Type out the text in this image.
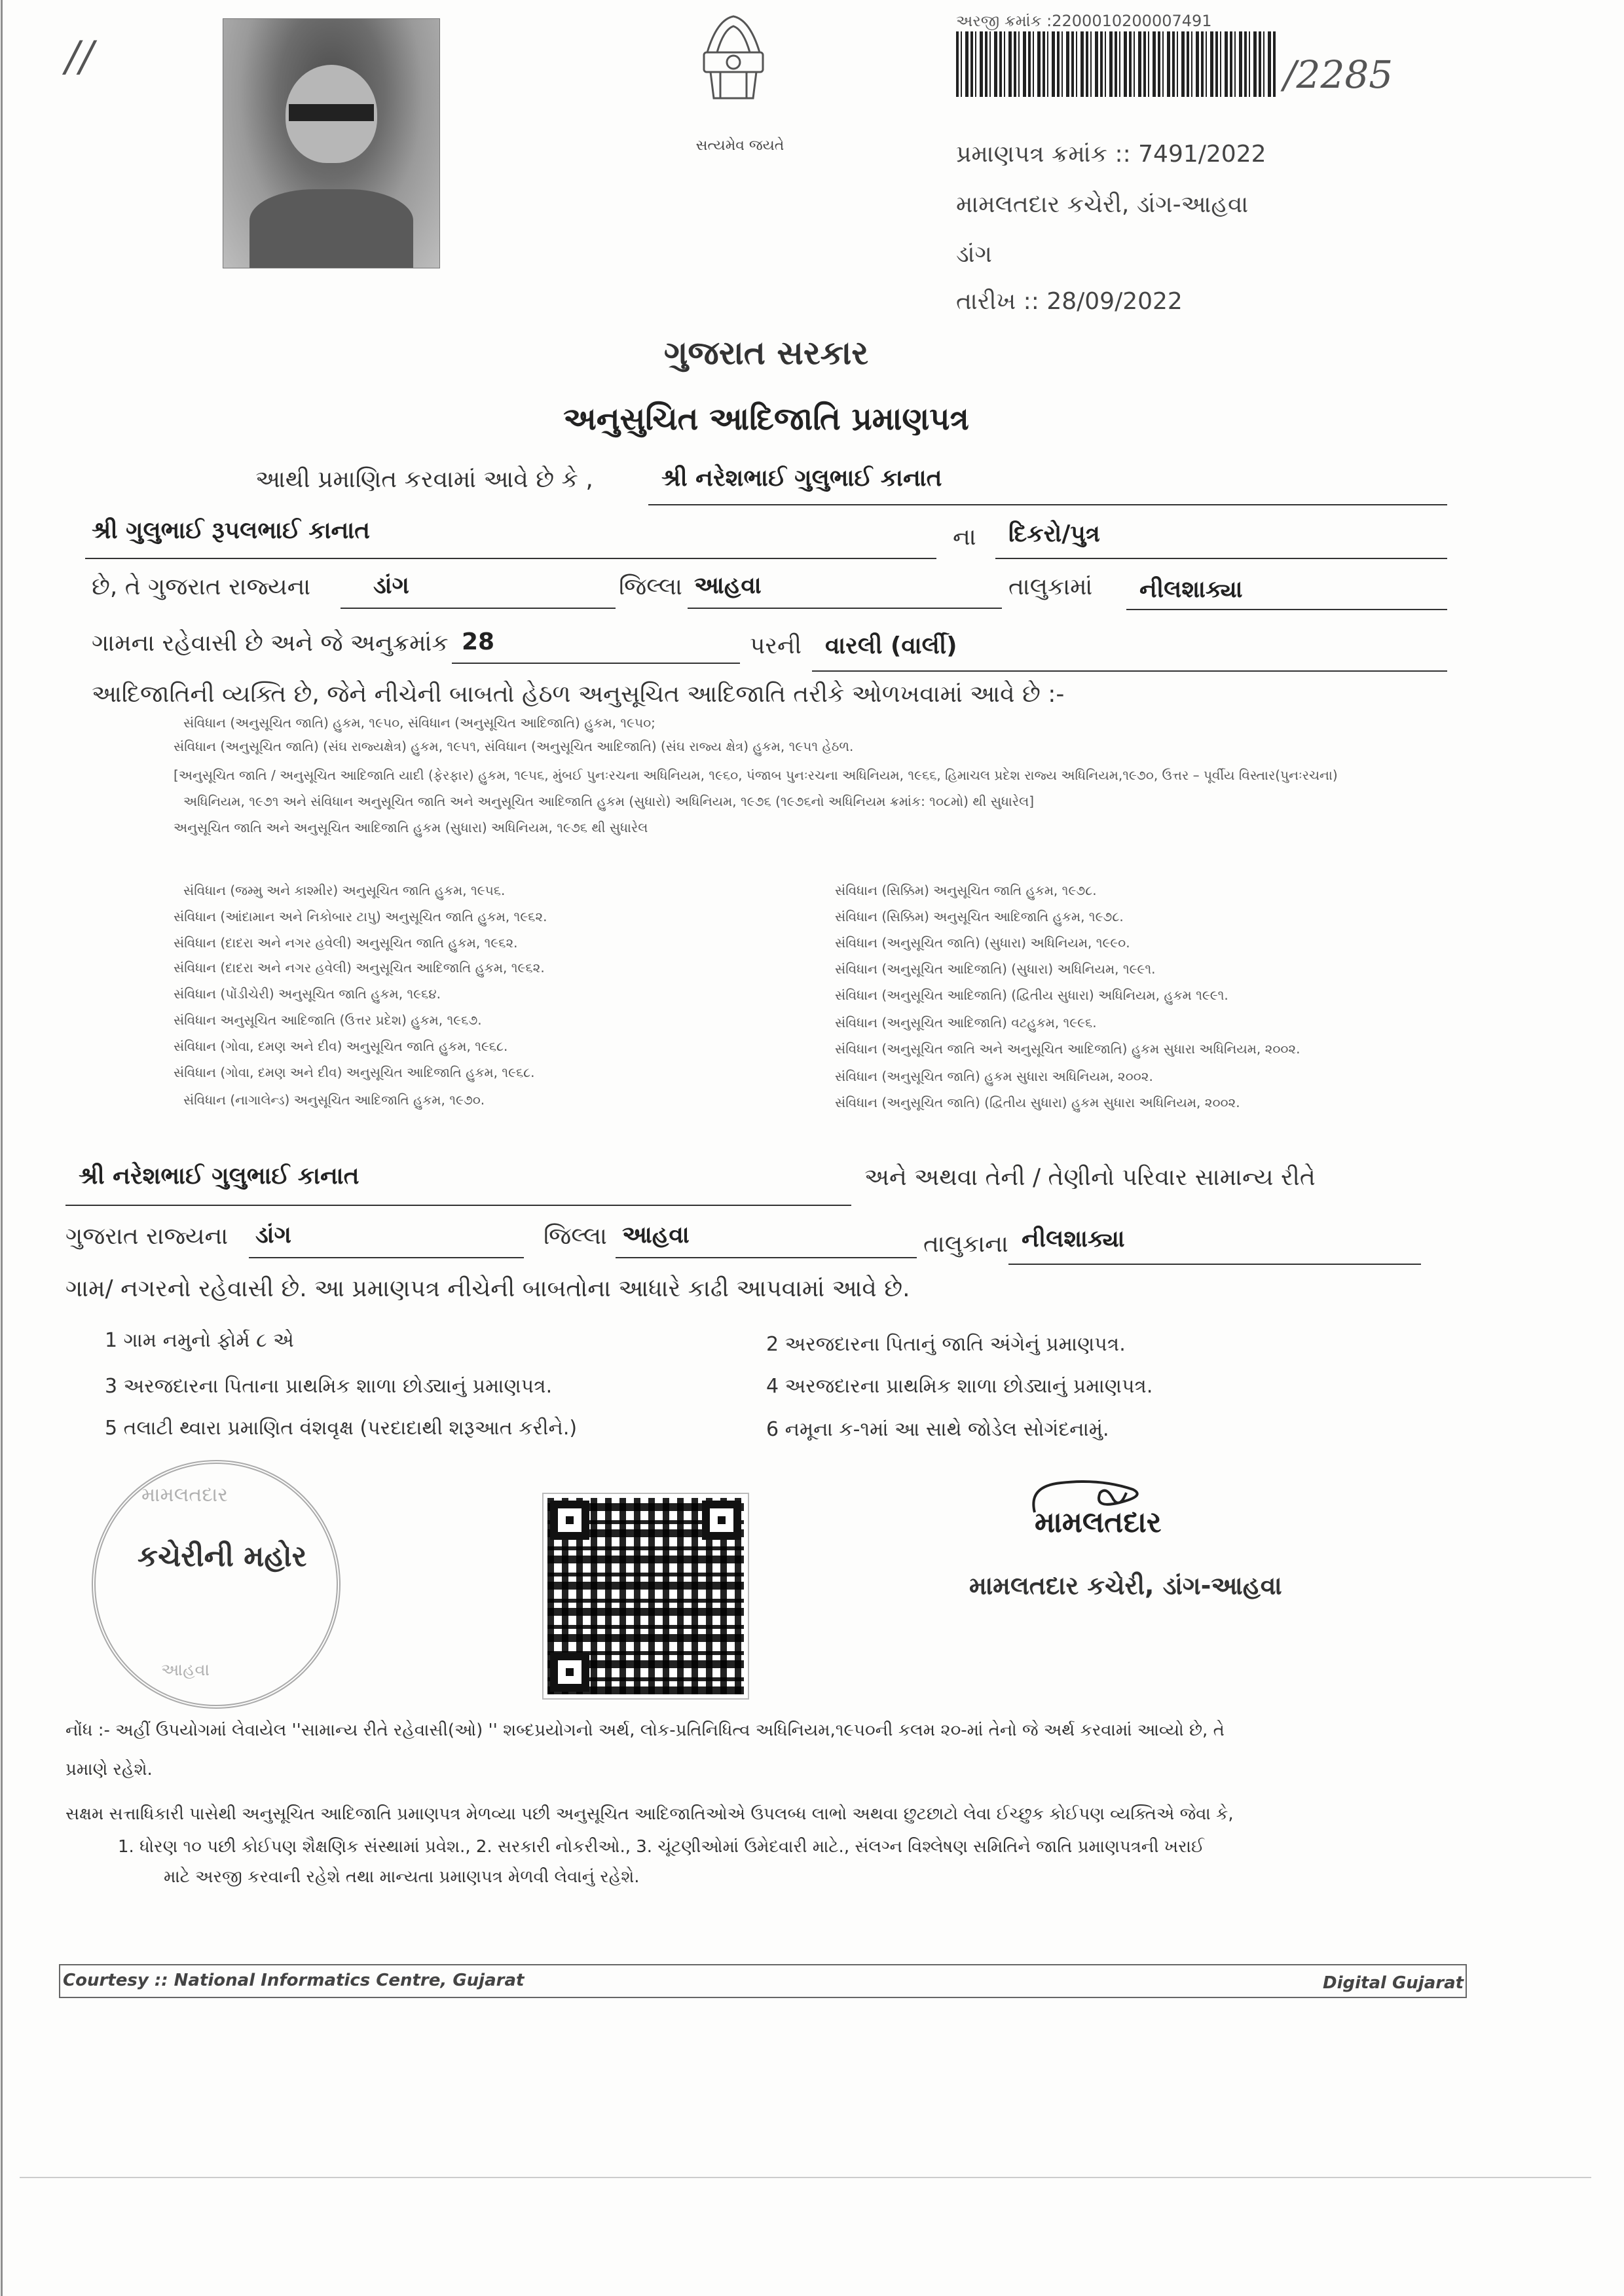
//
સત્યમેવ જયતે
અરજી ક્રમાંક :2200010200007491
/2285
પ્રમાણપત્ર ક્રમાંક :: 7491/2022
મામલતદાર કચેરી, ડાંગ-આહવા
ડાંગ
તારીખ :: 28/09/2022
ગુજરાત સરકાર
અનુસુચિત આદિજાતિ પ્રમાણપત્ર
આથી પ્રમાણિત કરવામાં આવે છે કે ,	શ્રી નરેશભાઈ ગુલુભાઈ કાનાત
શ્રી ગુલુભાઈ રૂપલભાઈ કાનાત	ના દિકરો/પુત્ર
છે, તે ગુજરાત રાજ્યના	ડાંગ	જિલ્લા આહવા	તાલુકામાં નીલશાક્યા
ગામના રહેવાસી છે અને જે અનુક્રમાંક 28	પરની વારલી (વાર્લી)
આદિજાતિની વ્યક્તિ છે, જેને નીચેની બાબતો હેઠળ અનુસૂચિત આદિજાતિ તરીકે ઓળખવામાં આવે છે :-
સંવિધાન (અનુસૂચિત જાતિ) હુકમ, ૧૯૫૦, સંવિધાન (અનુસૂચિત આદિજાતિ) હુકમ, ૧૯૫૦;
સંવિધાન (અનુસૂચિત જાતિ) (સંઘ રાજ્યક્ષેત્ર) હુકમ, ૧૯૫૧, સંવિધાન (અનુસૂચિત આદિજાતિ) (સંઘ રાજ્ય ક્ષેત્ર) હુકમ, ૧૯૫૧ હેઠળ.
[અનુસૂચિત જાતિ / અનુસૂચિત આદિજાતિ યાદી (ફેરફાર) હુકમ, ૧૯૫૬, મુંબઈ પુનઃરચના અધિનિયમ, ૧૯૬૦, પંજાબ પુનઃરચના અધિનિયમ, ૧૯૬૬, હિમાચલ પ્રદેશ રાજ્ય અધિનિયમ,૧૯૭૦, ઉત્તર – પૂર્વીય વિસ્તાર(પુનઃરચના)
અધિનિયમ, ૧૯૭૧ અને સંવિધાન અનુસૂચિત જાતિ અને અનુસૂચિત આદિજાતિ હુકમ (સુધારો) અધિનિયમ, ૧૯૭૬ (૧૯૭૬નો અધિનિયમ ક્રમાંક: ૧૦૮મો) થી સુધારેલ]
અનુસૂચિત જાતિ અને અનુસૂચિત આદિજાતિ હુકમ (સુધારા) અધિનિયમ, ૧૯૭૬ થી સુધારેલ
સંવિધાન (જમ્મુ અને કાશ્મીર) અનુસૂચિત જાતિ હુકમ, ૧૯૫૬.
સંવિધાન (આંદામાન અને નિકોબાર ટાપુ) અનુસૂચિત જાતિ હુકમ, ૧૯૬૨.
સંવિધાન (દાદરા અને નગર હવેલી) અનુસૂચિત જાતિ હુકમ, ૧૯૬૨.
સંવિધાન (દાદરા અને નગર હવેલી) અનુસૂચિત આદિજાતિ હુકમ, ૧૯૬૨.
સંવિધાન (પોંડીચેરી) અનુસૂચિત જાતિ હુકમ, ૧૯૬૪.
સંવિધાન અનુસૂચિત આદિજાતિ (ઉત્તર પ્રદેશ) હુકમ, ૧૯૬૭.
સંવિધાન (ગોવા, દમણ અને દીવ) અનુસૂચિત જાતિ હુકમ, ૧૯૬૮.
સંવિધાન (ગોવા, દમણ અને દીવ) અનુસૂચિત આદિજાતિ હુકમ, ૧૯૬૮.
સંવિધાન (નાગાલેન્ડ) અનુસૂચિત આદિજાતિ હુકમ, ૧૯૭૦.
સંવિધાન (સિક્કિમ) અનુસૂચિત જાતિ હુકમ, ૧૯૭૮.
સંવિધાન (સિક્કિમ) અનુસૂચિત આદિજાતિ હુકમ, ૧૯૭૮.
સંવિધાન (અનુસૂચિત જાતિ) (સુધારા) અધિનિયમ, ૧૯૯૦.
સંવિધાન (અનુસૂચિત આદિજાતિ) (સુધારા) અધિનિયમ, ૧૯૯૧.
સંવિધાન (અનુસૂચિત આદિજાતિ) (દ્વિતીય સુધારા) અધિનિયમ, હુકમ ૧૯૯૧.
સંવિધાન (અનુસૂચિત આદિજાતિ) વટહુકમ, ૧૯૯૬.
સંવિધાન (અનુસૂચિત જાતિ અને અનુસૂચિત આદિજાતિ) હુકમ સુધારા અધિનિયમ, ૨૦૦૨.
સંવિધાન (અનુસૂચિત જાતિ) હુકમ સુધારા અધિનિયમ, ૨૦૦૨.
સંવિધાન (અનુસૂચિત જાતિ) (દ્વિતીય સુધારા) હુકમ સુધારા અધિનિયમ, ૨૦૦૨.
શ્રી નરેશભાઈ ગુલુભાઈ કાનાત	અને અથવા તેની / તેણીનો પરિવાર સામાન્ય રીતે
ગુજરાત રાજ્યના ડાંગ	જિલ્લા આહવા	તાલુકાના નીલશાક્યા
ગામ/ નગરનો રહેવાસી છે. આ પ્રમાણપત્ર નીચેની બાબતોના આધારે કાઢી આપવામાં આવે છે.
1 ગામ નમુનો ફોર્મ ૮ એ	2 અરજદારના પિતાનું જાતિ અંગેનું પ્રમાણપત્ર.
3 અરજદારના પિતાના પ્રાથમિક શાળા છોડ્યાનું પ્રમાણપત્ર.	4 અરજદારના પ્રાથમિક શાળા છોડ્યાનું પ્રમાણપત્ર.
5 તલાટી થ્વારા પ્રમાણિત વંશવૃક્ષ (પરદાદાથી શરૂઆત કરીને.)	6 નમૂના ક-૧માં આ સાથે જોડેલ સોગંદનામું.
મામલતદાર
આહવા
કચેરીની મહોર
મામલતદાર
મામલતદાર કચેરી, ડાંગ-આહવા
નોંધ :- અહીં ઉપયોગમાં લેવાયેલ ''સામાન્ય રીતે રહેવાસી(ઓ) '' શબ્દપ્રયોગનો અર્થ, લોક-પ્રતિનિધિત્વ અધિનિયમ,૧૯૫૦ની કલમ ૨૦-માં તેનો જે અર્થ કરવામાં આવ્યો છે, તે
પ્રમાણે રહેશે.
સક્ષમ સત્તાધિકારી પાસેથી અનુસૂચિત આદિજાતિ પ્રમાણપત્ર મેળવ્યા પછી અનુસૂચિત આદિજાતિઓએ ઉપલબ્ધ લાભો અથવા છુટછાટો લેવા ઈચ્છુક કોઈપણ વ્યક્તિએ જેવા કે,
1. ધોરણ ૧૦ પછી કોઈપણ શૈક્ષણિક સંસ્થામાં પ્રવેશ., 2. સરકારી નોકરીઓ., 3. ચૂંટણીઓમાં ઉમેદવારી માટે., સંલગ્ન વિશ્લેષણ સમિતિને જાતિ પ્રમાણપત્રની ખરાઈ
માટે અરજી કરવાની રહેશે તથા માન્યતા પ્રમાણપત્ર મેળવી લેવાનું રહેશે.
Courtesy :: National Informatics Centre, Gujarat	Digital Gujarat
